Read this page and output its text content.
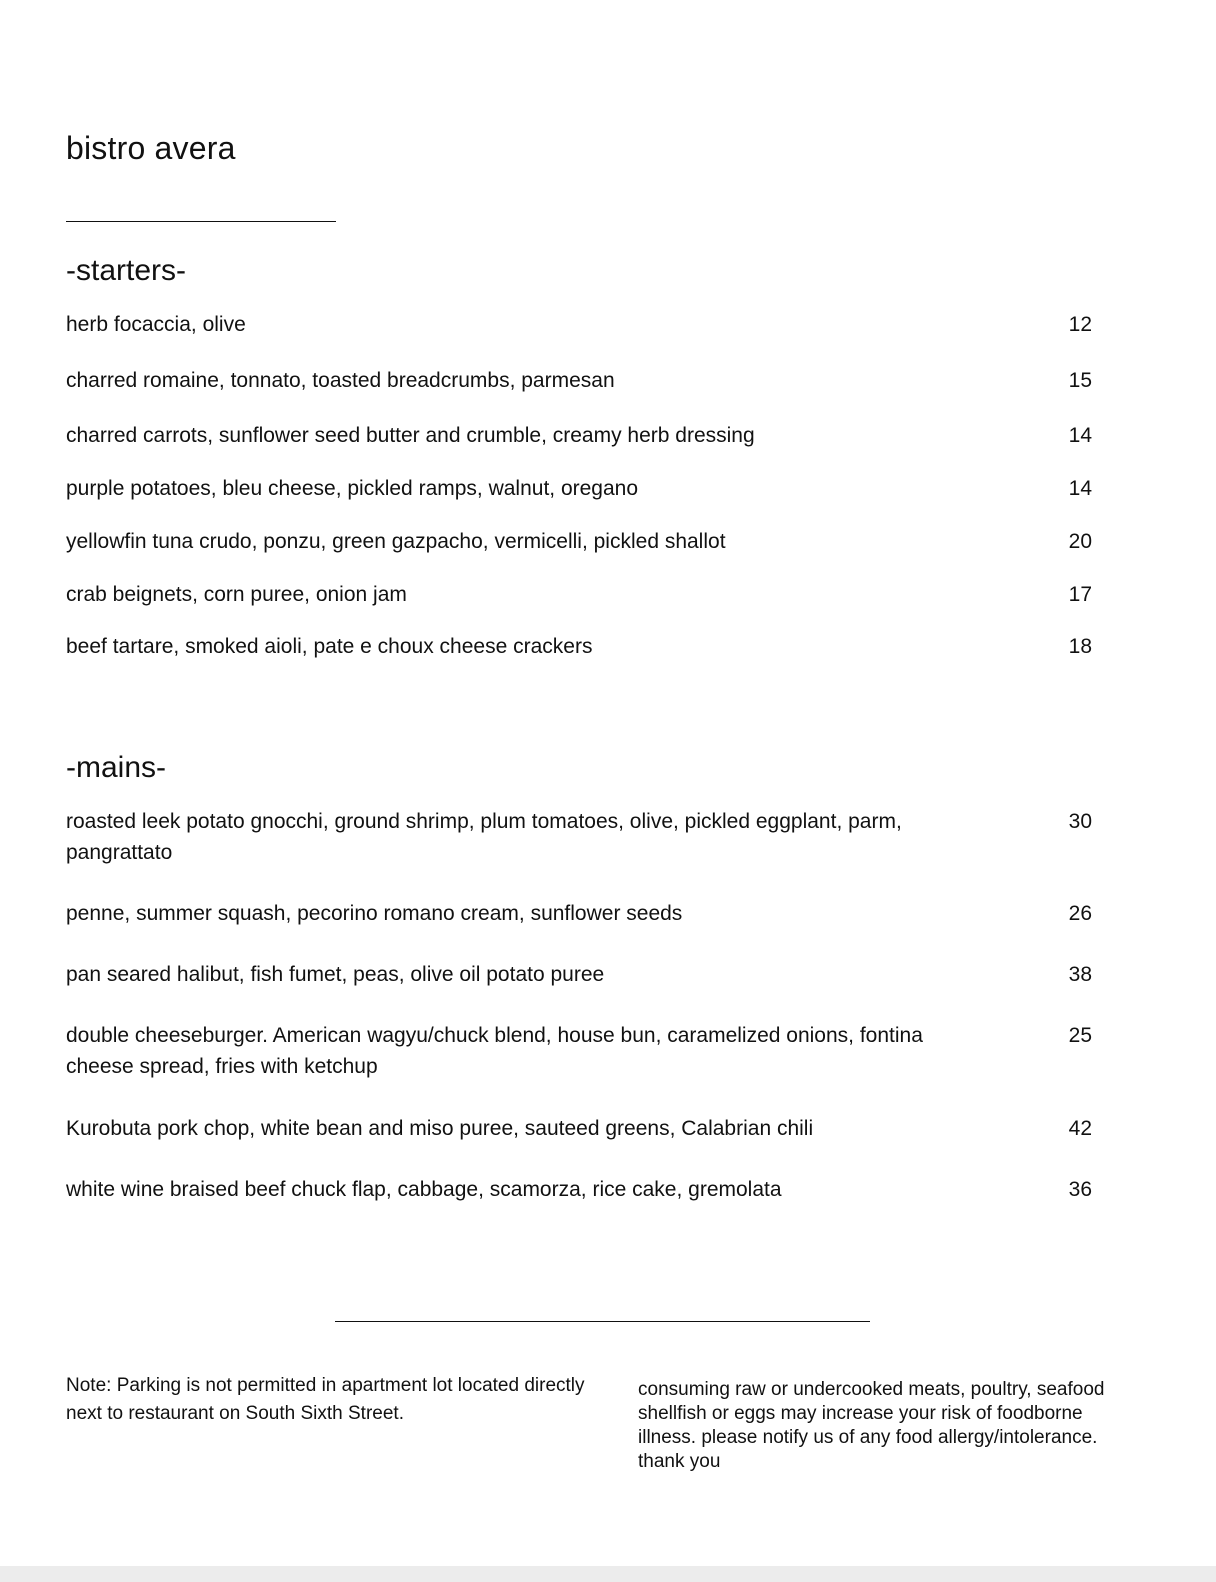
bistro avera
-starters-
herb focaccia, olive	12
charred romaine, tonnato, toasted breadcrumbs, parmesan	15
charred carrots, sunflower seed butter and crumble, creamy herb dressing	14
purple potatoes, bleu cheese, pickled ramps, walnut, oregano	14
yellowfin tuna crudo, ponzu, green gazpacho, vermicelli, pickled shallot	20
crab beignets, corn puree, onion jam	17
beef tartare, smoked aioli, pate e choux cheese crackers	18
-mains-
roasted leek potato gnocchi, ground shrimp, plum tomatoes, olive, pickled eggplant, parm, pangrattato
30
penne, summer squash, pecorino romano cream, sunflower seeds	26
pan seared halibut, fish fumet, peas, olive oil potato puree	38
double cheeseburger. American wagyu/chuck blend, house bun, caramelized onions, fontina cheese spread, fries with ketchup
25
Kurobuta pork chop, white bean and miso puree, sauteed greens, Calabrian chili	42
white wine braised beef chuck flap, cabbage, scamorza, rice cake, gremolata	36

Note: Parking is not permitted in apartment lot located directly next to restaurant on South Sixth Street.

consuming raw or undercooked meats, poultry, seafood shellfish or eggs may increase your risk of foodborne illness. please notify us of any food allergy/intolerance. thank you
